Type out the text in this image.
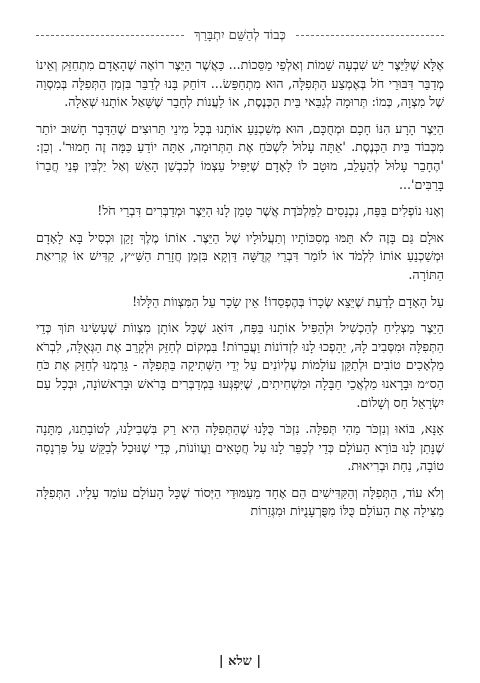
כְּבוֹד לְהַשֵּׁם יִתְבָּרַךְ

אֶלָּא שֶׁלַּיֵּצֶר יֵשׁ שִׁבְעָה שֵׁמוֹת וְאַלְפֵי מַסֵּכוֹת... כַּאֲשֶׁר הַיֵּצֶר רוֹאֶה שֶׁהָאָדָם מִתְחַזֵּק וְאֵינוֹ מְדַבֵּר דִּבּוּרֵי חֹל בְּאֶמְצַע הַתְּפִלָּה, הוּא מִתְחַפֵּשׂ... דּוֹחֵק בָּנוּ לְדַבֵּר בִּזְמַן הַתְּפִלָּה בְּמִסְוֵה שֶׁל מִצְוָה, כְּמוֹ: תְּרוּמָה לְגַבַּאי בֵּית הַכְּנֶסֶת, אוֹ לַעֲנוֹת לְחָבֵר שֶׁשָּׁאַל אוֹתָנוּ שְׁאֵלָה.

הַיֵּצֶר הָרָע הִנּוֹ חָכָם וּמְחֻכָּם, הוּא מְשַׁכְנֵעַ אוֹתָנוּ בְּכָל מִינֵי תֵּרוּצִים שֶׁהַדָּבָר חָשׁוּב יוֹתֵר מִכְּבוֹד בֵּית הַכְּנֶסֶת. 'אַתָּה עָלוּל לִשְׁכֹּחַ אֶת הַתְּרוּמָה, אַתָּה יוֹדֵעַ כַּמָּה זֶה חָמוּר'. וְכֵן: 'הֶחָבֵר עָלוּל לְהֵעָלֵב, מוּטָב לוֹ לָאָדָם שֶׁיַּפִּיל עַצְמוֹ לְכִבְשַׁן הָאֵשׁ וְאַל יַלְבִּין פְּנֵי חֲבֵרוֹ בָּרַבִּים'...

וְאָנוּ נוֹפְלִים בַּפַּח, נִכְנָסִים לַמַּלְכֹּדֶת אֲשֶׁר טָמַן לָנוּ הַיֵּצֶר וּמְדַבְּרִים דִּבְרֵי חֹל!

אוּלָם גַּם בָּזֶה לֹא תַּמּוּ מְסִכּוֹתָיו וְתַעֲלוּלָיו שֶׁל הַיֵּצֶר. אוֹתוֹ מֶלֶךְ זָקֵן וּכְסִיל בָּא לָאָדָם וּמְשַׁכְנֵעַ אוֹתוֹ לִלְמֹד אוֹ לוֹמַר דִּבְרֵי קְדֻשָּׁה דַּוְקָא בִּזְמַן חֲזָרַת הַשַּׁ״ץ, קַדִּישׁ אוֹ קְרִיאַת הַתּוֹרָה.

עַל הָאָדָם לָדַעַת שֶׁיֵּצֵא שְׂכָרוֹ בְּהֶפְסֵדוֹ! אֵין שָׂכָר עַל הַמִּצְווֹת הַלָּלוּ!

הַיֵּצֶר מַצְלִיחַ לְהַכְשִׁיל וּלְהַפִּיל אוֹתָנוּ בַּפַּח, דּוֹאֵג שֶׁכָּל אוֹתָן מִצְווֹת שֶׁעָשִׂינוּ תּוֹךְ כְּדֵי הַתְּפִלָּה וּמִסְּבִיב לָהּ, יֵהָפְכוּ לָנוּ לִזְדוֹנוֹת וַעֲבֵרוֹת! בִּמְקוֹם לְחַזֵּק וּלְקָרֵב אֶת הַגְּאֻלָּה, לִבְרֹא מַלְאָכִים טוֹבִים וּלְתַקֵּן עוֹלָמוֹת עֶלְיוֹנִים עַל יְדֵי הַשְּׁתִיקָה בַּתְּפִלָּה - גָּרַמְנוּ לְחַזֵּק אֶת כֹּחַ הַס״מ וּבָרָאנוּ מַלְאֲכֵי חַבָּלָה וּמַשְׁחִיתִים, שֶׁיִּפְגְּעוּ בַּמְדַבְּרִים בָּרֹאשׁ וּבָרִאשׁוֹנָה, וּבְכָל עַם יִשְׂרָאֵל חַס וְשָׁלוֹם.

אָנָּא, בּוֹאוּ וְנִזְכֹּר מַהִי תְּפִלָּה. נִזְכֹּר כֻּלָּנוּ שֶׁהַתְּפִלָּה הִיא רַק בִּשְׁבִילֵנוּ, לְטוֹבָתֵנוּ, מַתָּנָה שֶׁנָּתַן לָנוּ בּוֹרֵא הָעוֹלָם כְּדֵי לְכַפֵּר לָנוּ עַל חֲטָאִים וַעֲווֹנוֹת, כְּדֵי שֶׁנּוּכַל לְבַקֵּשׁ עַל פַּרְנָסָה טוֹבָה, נַחַת וּבְרִיאוּת.

וְלֹא עוֹד, הַתְּפִלָּה וְהַקַּדִּישִׁים הֵם אֶחָד מֵעַמּוּדֵי הַיְּסוֹד שֶׁכָּל הָעוֹלָם עוֹמֵד עָלָיו. הַתְּפִלָּה מַצִּילָה אֶת הָעוֹלָם כֻּלּוֹ מִפֻּרְעָנֻיּוֹת וּמִגְּזֵרוֹת

| שלא |
